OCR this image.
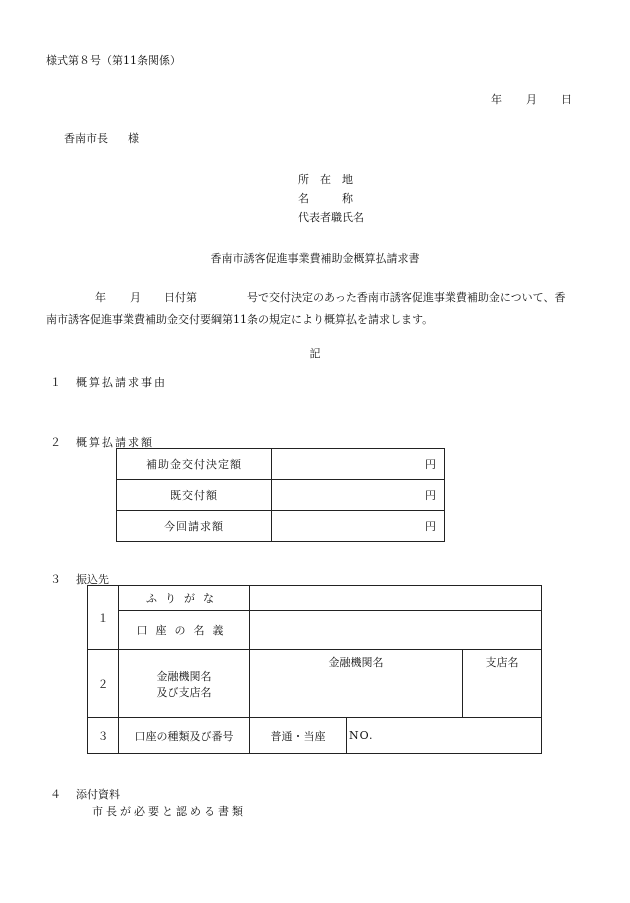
様式第８号（第11条関係）
年 月 日
香南市長 様
所　在　地
名　　　称
代表者職氏名
香南市誘客促進事業費補助金概算払請求書
年 月 日付第	号で交付決定のあった香南市誘客促進事業費補助金について、香
南市誘客促進事業費補助金交付要綱第11条の規定により概算払を請求します。
記
１ 概算払請求事由
２ 概算払請求額
補助金交付決定額	円
既交付額	円
今回請求額	円
３ 振込先
１	ふりがな			
	口座の名義			
２	金融機関名
及び支店名	金融機関名		支店名
３	口座の種類及び番号	普通・当座	NO.	
４ 添付資料
市長が必要と認める書類
